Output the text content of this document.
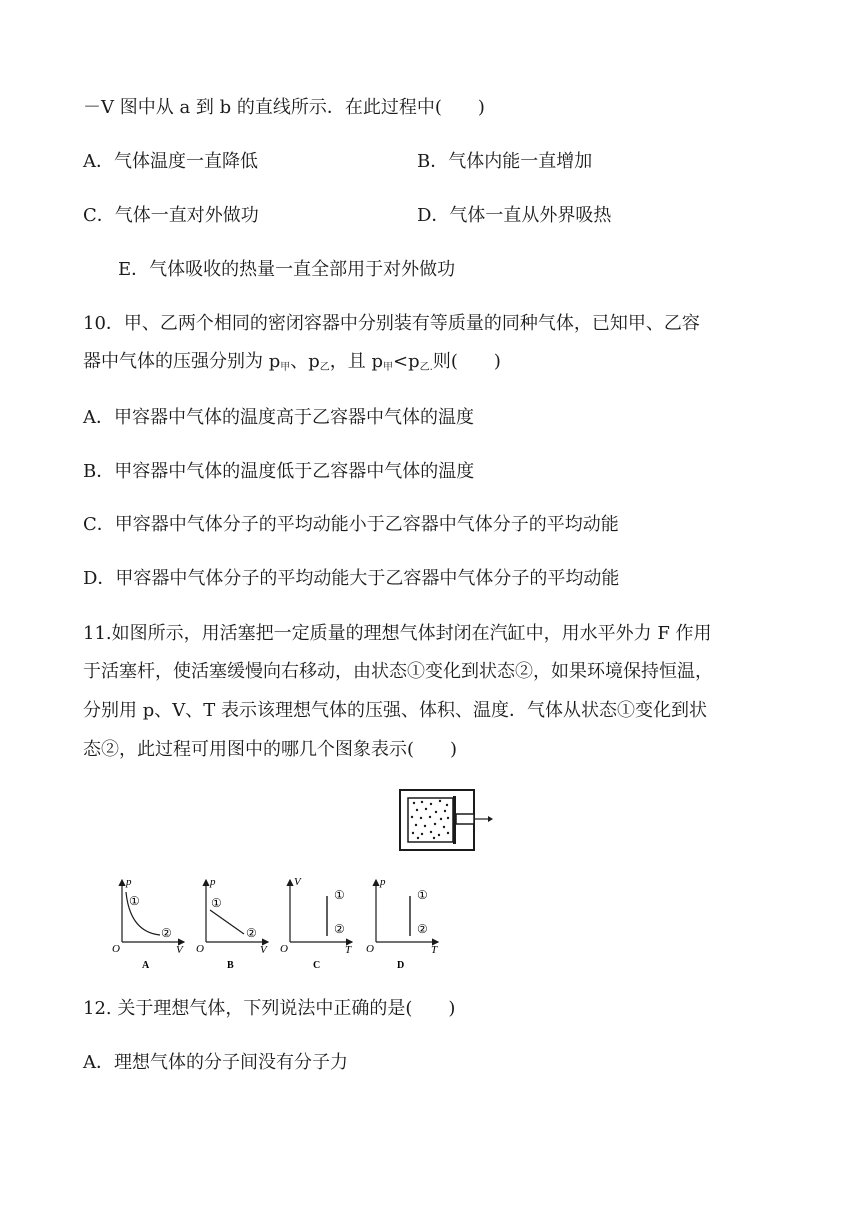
－V 图中从 a 到 b 的直线所示．在此过程中(　　)
A．气体温度一直降低	B．气体内能一直增加
C．气体一直对外做功	D．气体一直从外界吸热
E．气体吸收的热量一直全部用于对外做功
10．甲、乙两个相同的密闭容器中分别装有等质量的同种气体，已知甲、乙容
器中气体的压强分别为 $p_甲$、$p_乙$，且 $p_甲<p_{乙.}$则(　　)
A．甲容器中气体的温度高于乙容器中气体的温度
B．甲容器中气体的温度低于乙容器中气体的温度
C．甲容器中气体分子的平均动能小于乙容器中气体分子的平均动能
D．甲容器中气体分子的平均动能大于乙容器中气体分子的平均动能
11.如图所示，用活塞把一定质量的理想气体封闭在汽缸中，用水平外力 F 作用
于活塞杆，使活塞缓慢向右移动，由状态①变化到状态②，如果环境保持恒温，
分别用 p、V、T 表示该理想气体的压强、体积、温度．气体从状态①变化到状
态②，此过程可用图中的哪几个图象表示(　　)
p
V
O
①
②
A
p
V
O
①
②
B
V
T
O
①
②
C
p
T
O
①
②
D
12. 关于理想气体，下列说法中正确的是(　　)
A．理想气体的分子间没有分子力
